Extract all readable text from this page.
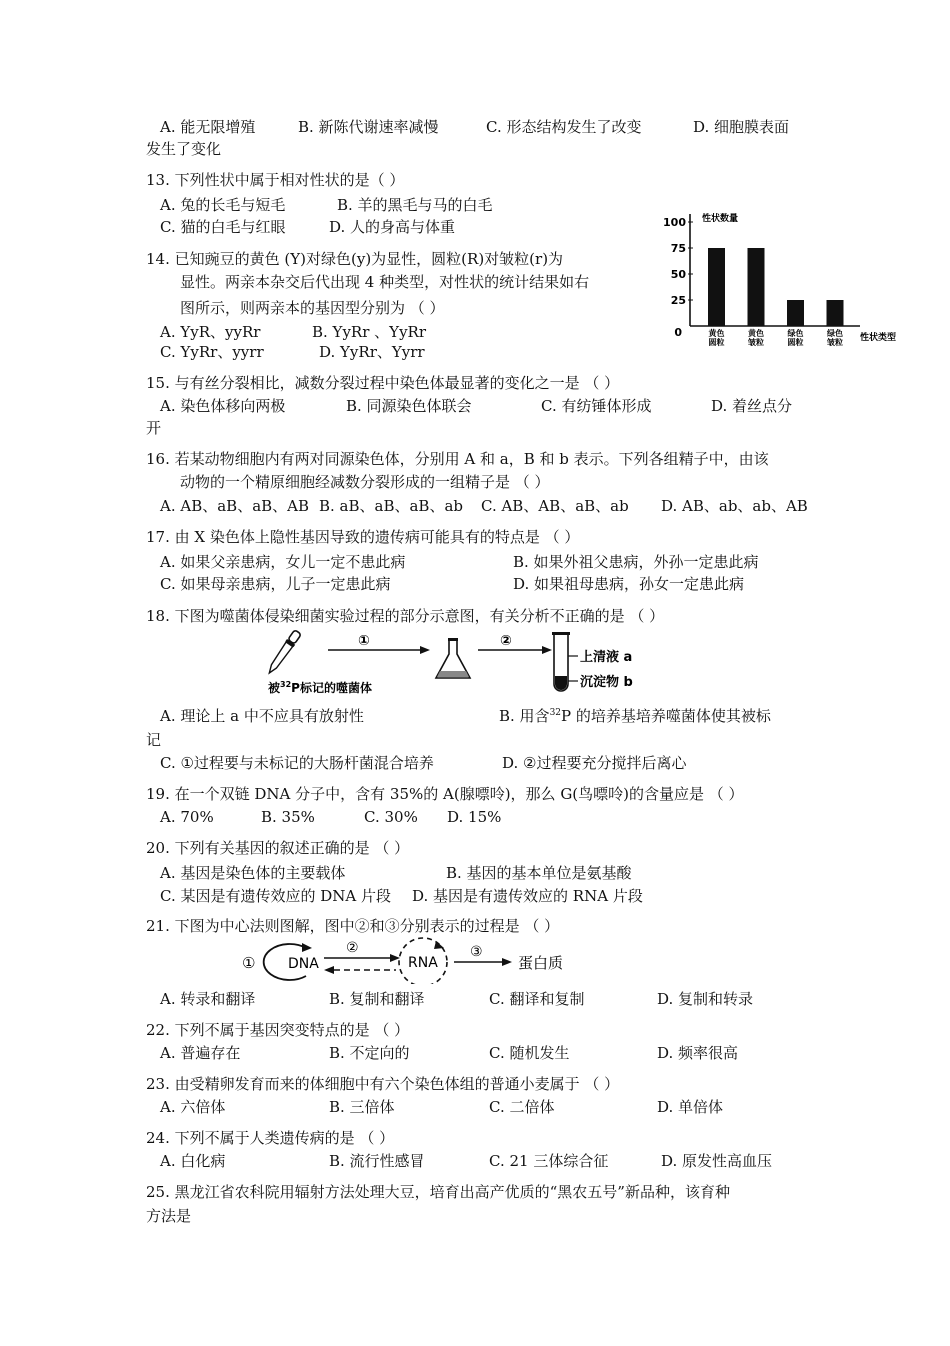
A. 能无限增殖	B. 新陈代谢速率减慢	C. 形态结构发生了改变	D. 细胞膜表面
发生了变化
13. 下列性状中属于相对性状的是（ ）
A. 兔的长毛与短毛	B. 羊的黑毛与马的白毛
C. 猫的白毛与红眼	D. 人的身高与体重
14. 已知豌豆的黄色 (Y)对绿色(y)为显性，圆粒(R)对皱粒(r)为
显性。两亲本杂交后代出现 4 种类型，对性状的统计结果如右
图所示，则两亲本的基因型分别为 （ ）
A. YyR、yyRr	B. YyRr 、YyRr
C. YyRr、yyrr	D. YyRr、Yyrr
0
性状数量
性状类型
100
75
50
25
黄色
圆粒
黄色
皱粒
绿色
圆粒
绿色
皱粒
15. 与有丝分裂相比，减数分裂过程中染色体最显著的变化之一是 （ ）
A. 染色体移向两极	B. 同源染色体联会	C. 有纺锤体形成	D. 着丝点分
开
16. 若某动物细胞内有两对同源染色体，分别用 A 和 a，B 和 b 表示。下列各组精子中，由该
动物的一个精原细胞经减数分裂形成的一组精子是 （ ）
A. AB、aB、aB、AB B. aB、aB、aB、ab C. AB、AB、aB、ab D. AB、ab、ab、AB
17. 由 X 染色体上隐性基因导致的遗传病可能具有的特点是 （ ）
A. 如果父亲患病，女儿一定不患此病	B. 如果外祖父患病，外孙一定患此病
C. 如果母亲患病，儿子一定患此病	D. 如果祖母患病，孙女一定患此病
18. 下图为噬菌体侵染细菌实验过程的部分示意图，有关分析不正确的是 （ ）
①	②
上清液 a
沉淀物 b
被$^{32}$P标记的噬菌体
A. 理论上 a 中不应具有放射性	B. 用含$^{32}$P 的培养基培养噬菌体使其被标
记
C. ①过程要与未标记的大肠杆菌混合培养	D. ②过程要充分搅拌后离心
19. 在一个双链 DNA 分子中，含有 35%的 A(腺嘌呤)，那么 G(鸟嘌呤)的含量应是 （ ）
A. 70%	B. 35%	C. 30% D. 15%
20. 下列有关基因的叙述正确的是 （ ）
A. 基因是染色体的主要载体	B. 基因的基本单位是氨基酸
C. 某因是有遗传效应的 DNA 片段 D. 基因是有遗传效应的 RNA 片段
21. 下图为中心法则图解，图中②和③分别表示的过程是 （ ）
① DNA
②
RNA
③
蛋白质
A. 转录和翻译	B. 复制和翻译	C. 翻译和复制	D. 复制和转录
22. 下列不属于基因突变特点的是 （ ）
A. 普遍存在	B. 不定向的	C. 随机发生	D. 频率很高
23. 由受精卵发育而来的体细胞中有六个染色体组的普通小麦属于 （ ）
A. 六倍体	B. 三倍体	C. 二倍体	D. 单倍体
24. 下列不属于人类遗传病的是 （ ）
A. 白化病	B. 流行性感冒	C. 21 三体综合征	D. 原发性高血压
25. 黑龙江省农科院用辐射方法处理大豆，培育出高产优质的“黑农五号”新品种，该育种
方法是
